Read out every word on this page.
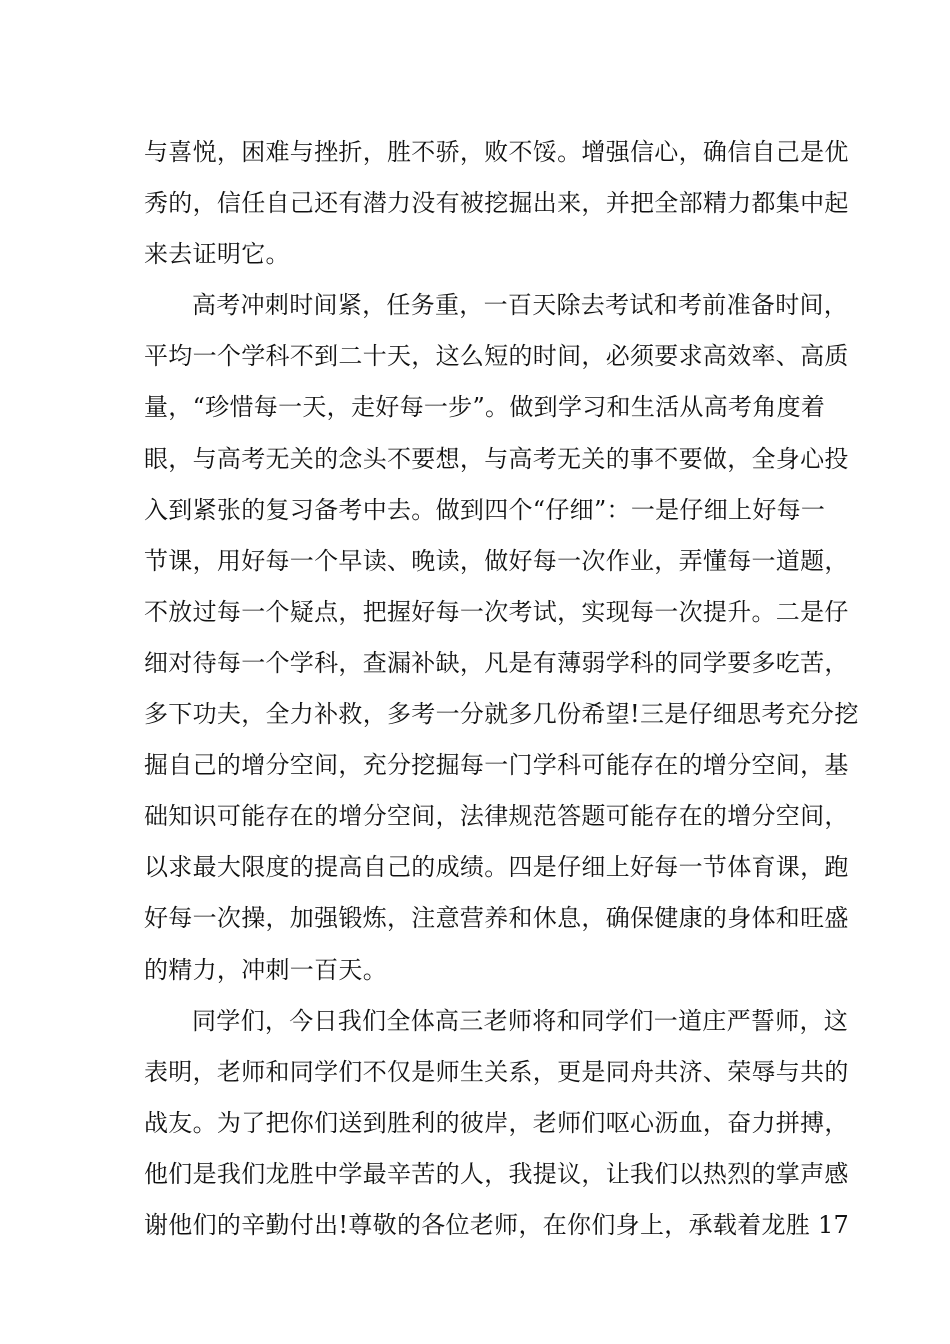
与喜悦，困难与挫折，胜不骄，败不馁。增强信心，确信自己是优
秀的，信任自己还有潜力没有被挖掘出来，并把全部精力都集中起
来去证明它。
高考冲刺时间紧，任务重，一百天除去考试和考前准备时间，
平均一个学科不到二十天，这么短的时间，必须要求高效率、高质
量，“珍惜每一天，走好每一步”。做到学习和生活从高考角度着
眼，与高考无关的念头不要想，与高考无关的事不要做，全身心投
入到紧张的复习备考中去。做到四个“仔细”：一是仔细上好每一
节课，用好每一个早读、晚读，做好每一次作业，弄懂每一道题，
不放过每一个疑点，把握好每一次考试，实现每一次提升。二是仔
细对待每一个学科，查漏补缺，凡是有薄弱学科的同学要多吃苦，
多下功夫，全力补救，多考一分就多几份希望!三是仔细思考充分挖
掘自己的增分空间，充分挖掘每一门学科可能存在的增分空间，基
础知识可能存在的增分空间，法律规范答题可能存在的增分空间，
以求最大限度的提高自己的成绩。四是仔细上好每一节体育课，跑
好每一次操，加强锻炼，注意营养和休息，确保健康的身体和旺盛
的精力，冲刺一百天。
同学们，今日我们全体高三老师将和同学们一道庄严誓师，这
表明，老师和同学们不仅是师生关系，更是同舟共济、荣辱与共的
战友。为了把你们送到胜利的彼岸，老师们呕心沥血，奋力拼搏，
他们是我们龙胜中学最辛苦的人，我提议，让我们以热烈的掌声感
谢他们的辛勤付出!尊敬的各位老师，在你们身上，承载着龙胜 17
